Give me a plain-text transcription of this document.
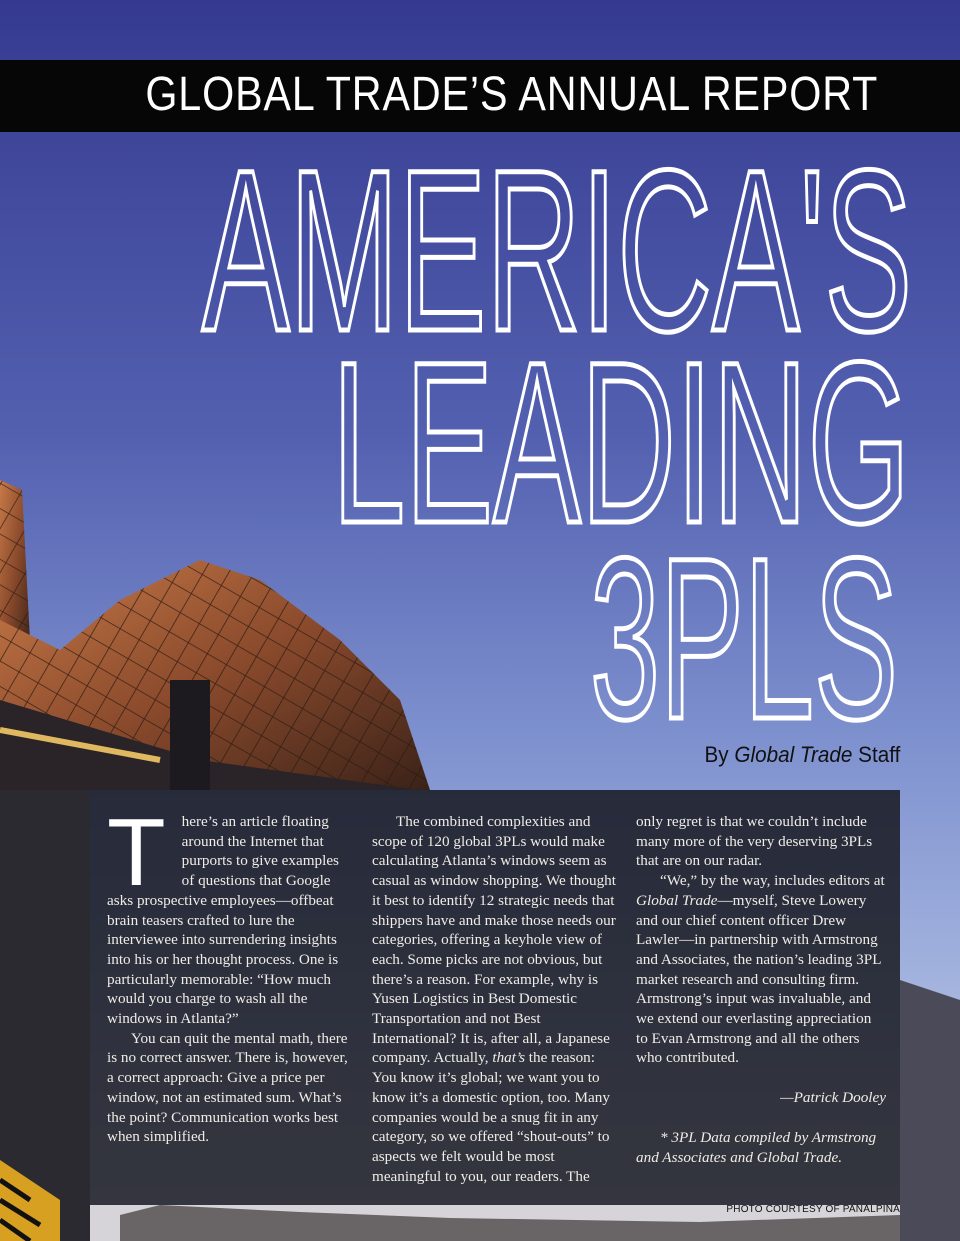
GLOBAL TRADE’S ANNUAL REPORT
AMERICA'S
LEADING
3PLS
By Global Trade Staff

T here’s an article floating around the Internet that purports to give examples of questions that Google asks prospective employees—offbeat brain teasers crafted to lure the interviewee into surrendering insights into his or her thought process. One is particularly memorable: “How much would you charge to wash all the windows in Atlanta?”

You can quit the mental math, there is no correct answer. There is, however, a correct approach: Give a price per window, not an estimated sum. What’s the point? Communication works best when simplified.

The combined complexities and scope of 120 global 3PLs would make calculating Atlanta’s windows seem as casual as window shopping. We thought it best to identify 12 strategic needs that shippers have and make those needs our categories, offering a keyhole view of each. Some picks are not obvious, but there’s a reason. For example, why is Yusen Logistics in Best Domestic Transportation and not Best International? It is, after all, a Japanese company. Actually, that’s the reason: You know it’s global; we want you to know it’s a domestic option, too. Many companies would be a snug fit in any category, so we offered “shout-outs” to aspects we felt would be most meaningful to you, our readers. The

only regret is that we couldn’t include many more of the very deserving 3PLs that are on our radar.

“We,” by the way, includes editors at Global Trade—myself, Steve Lowery and our chief content officer Drew Lawler—in partnership with Armstrong and Associates, the nation’s leading 3PL market research and consulting firm. Armstrong’s input was invaluable, and we extend our everlasting appreciation to Evan Armstrong and all the others who contributed.

—Patrick Dooley

* 3PL Data compiled by Armstrong and Associates and Global Trade.

PHOTO COURTESY OF PANALPINA
